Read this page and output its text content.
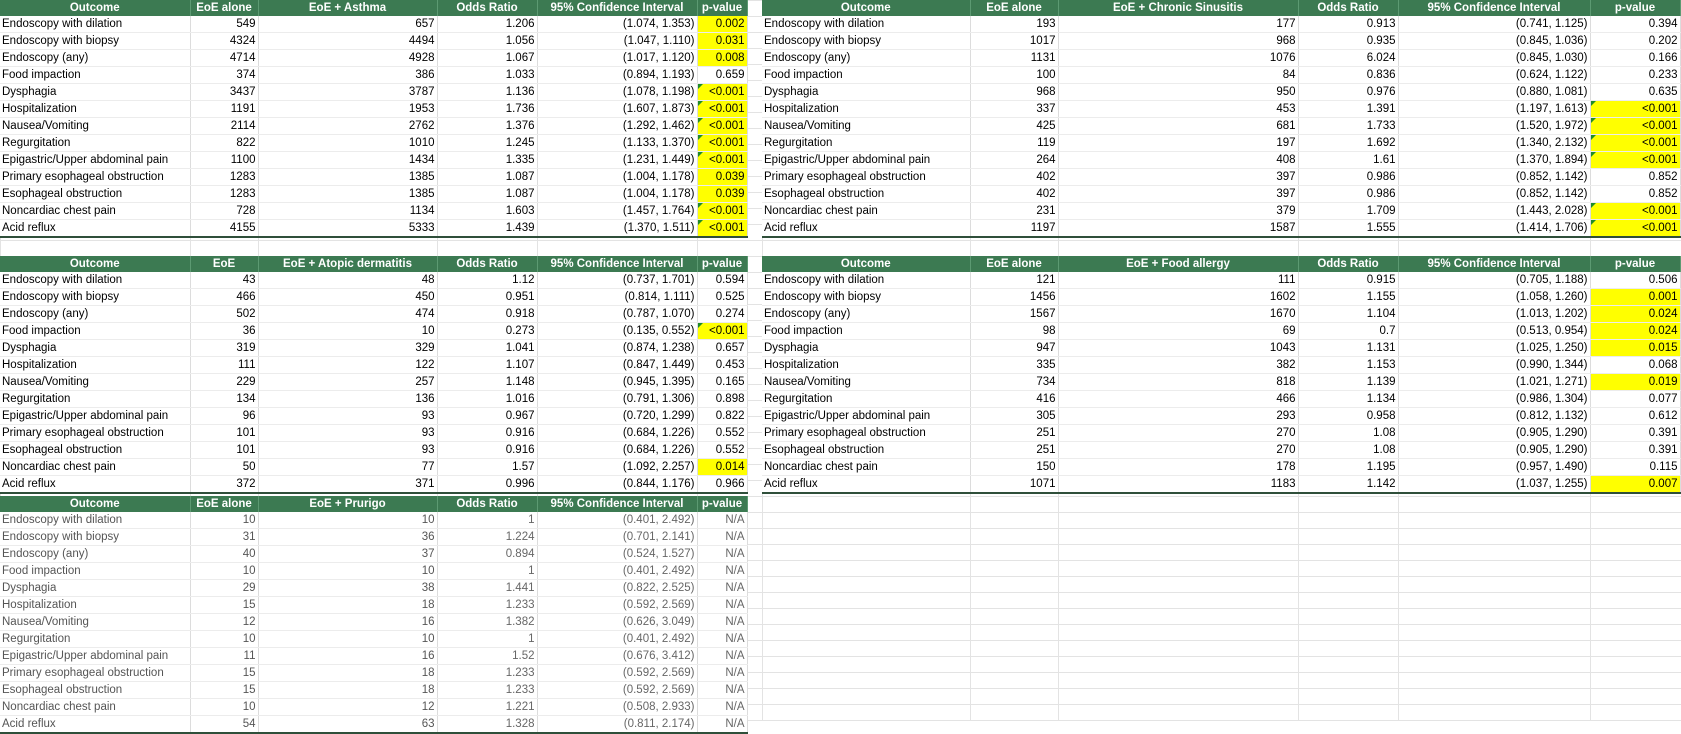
Outcome	EoE alone	EoE + Asthma	Odds Ratio	95% Confidence Interval	p-value
Endoscopy with dilation	549	657	1.206	(1.074, 1.353)	0.002
Endoscopy with biopsy	4324	4494	1.056	(1.047, 1.110)	0.031
Endoscopy (any)	4714	4928	1.067	(1.017, 1.120)	0.008
Food impaction	374	386	1.033	(0.894, 1.193)	0.659
Dysphagia	3437	3787	1.136	(1.078, 1.198)	<0.001
Hospitalization	1191	1953	1.736	(1.607, 1.873)	<0.001
Nausea/Vomiting	2114	2762	1.376	(1.292, 1.462)	<0.001
Regurgitation	822	1010	1.245	(1.133, 1.370)	<0.001
Epigastric/Upper abdominal pain	1100	1434	1.335	(1.231, 1.449)	<0.001
Primary esophageal obstruction	1283	1385	1.087	(1.004, 1.178)	0.039
Esophageal obstruction	1283	1385	1.087	(1.004, 1.178)	0.039
Noncardiac chest pain	728	1134	1.603	(1.457, 1.764)	<0.001
Acid reflux	4155	5333	1.439	(1.370, 1.511)	<0.001
Outcome	EoE alone	EoE + Chronic Sinusitis	Odds Ratio	95% Confidence Interval	p-value
Endoscopy with dilation	193	177	0.913	(0.741, 1.125)	0.394
Endoscopy with biopsy	1017	968	0.935	(0.845, 1.036)	0.202
Endoscopy (any)	1131	1076	6.024	(0.845, 1.030)	0.166
Food impaction	100	84	0.836	(0.624, 1.122)	0.233
Dysphagia	968	950	0.976	(0.880, 1.081)	0.635
Hospitalization	337	453	1.391	(1.197, 1.613)	<0.001
Nausea/Vomiting	425	681	1.733	(1.520, 1.972)	<0.001
Regurgitation	119	197	1.692	(1.340, 2.132)	<0.001
Epigastric/Upper abdominal pain	264	408	1.61	(1.370, 1.894)	<0.001
Primary esophageal obstruction	402	397	0.986	(0.852, 1.142)	0.852
Esophageal obstruction	402	397	0.986	(0.852, 1.142)	0.852
Noncardiac chest pain	231	379	1.709	(1.443, 2.028)	<0.001
Acid reflux	1197	1587	1.555	(1.414, 1.706)	<0.001
Outcome	EoE	EoE + Atopic dermatitis	Odds Ratio	95% Confidence Interval	p-value
Endoscopy with dilation	43	48	1.12	(0.737, 1.701)	0.594
Endoscopy with biopsy	466	450	0.951	(0.814, 1.111)	0.525
Endoscopy (any)	502	474	0.918	(0.787, 1.070)	0.274
Food impaction	36	10	0.273	(0.135, 0.552)	<0.001
Dysphagia	319	329	1.041	(0.874, 1.238)	0.657
Hospitalization	111	122	1.107	(0.847, 1.449)	0.453
Nausea/Vomiting	229	257	1.148	(0.945, 1.395)	0.165
Regurgitation	134	136	1.016	(0.791, 1.306)	0.898
Epigastric/Upper abdominal pain	96	93	0.967	(0.720, 1.299)	0.822
Primary esophageal obstruction	101	93	0.916	(0.684, 1.226)	0.552
Esophageal obstruction	101	93	0.916	(0.684, 1.226)	0.552
Noncardiac chest pain	50	77	1.57	(1.092, 2.257)	0.014
Acid reflux	372	371	0.996	(0.844, 1.176)	0.966
Outcome	EoE alone	EoE + Food allergy	Odds Ratio	95% Confidence Interval	p-value
Endoscopy with dilation	121	111	0.915	(0.705, 1.188)	0.506
Endoscopy with biopsy	1456	1602	1.155	(1.058, 1.260)	0.001
Endoscopy (any)	1567	1670	1.104	(1.013, 1.202)	0.024
Food impaction	98	69	0.7	(0.513, 0.954)	0.024
Dysphagia	947	1043	1.131	(1.025, 1.250)	0.015
Hospitalization	335	382	1.153	(0.990, 1.344)	0.068
Nausea/Vomiting	734	818	1.139	(1.021, 1.271)	0.019
Regurgitation	416	466	1.134	(0.986, 1.304)	0.077
Epigastric/Upper abdominal pain	305	293	0.958	(0.812, 1.132)	0.612
Primary esophageal obstruction	251	270	1.08	(0.905, 1.290)	0.391
Esophageal obstruction	251	270	1.08	(0.905, 1.290)	0.391
Noncardiac chest pain	150	178	1.195	(0.957, 1.490)	0.115
Acid reflux	1071	1183	1.142	(1.037, 1.255)	0.007
Outcome	EoE alone	EoE + Prurigo	Odds Ratio	95% Confidence Interval	p-value
Endoscopy with dilation	10	10	1	(0.401, 2.492)	N/A
Endoscopy with biopsy	31	36	1.224	(0.701, 2.141)	N/A
Endoscopy (any)	40	37	0.894	(0.524, 1.527)	N/A
Food impaction	10	10	1	(0.401, 2.492)	N/A
Dysphagia	29	38	1.441	(0.822, 2.525)	N/A
Hospitalization	15	18	1.233	(0.592, 2.569)	N/A
Nausea/Vomiting	12	16	1.382	(0.626, 3.049)	N/A
Regurgitation	10	10	1	(0.401, 2.492)	N/A
Epigastric/Upper abdominal pain	11	16	1.52	(0.676, 3.412)	N/A
Primary esophageal obstruction	15	18	1.233	(0.592, 2.569)	N/A
Esophageal obstruction	15	18	1.233	(0.592, 2.569)	N/A
Noncardiac chest pain	10	12	1.221	(0.508, 2.933)	N/A
Acid reflux	54	63	1.328	(0.811, 2.174)	N/A
